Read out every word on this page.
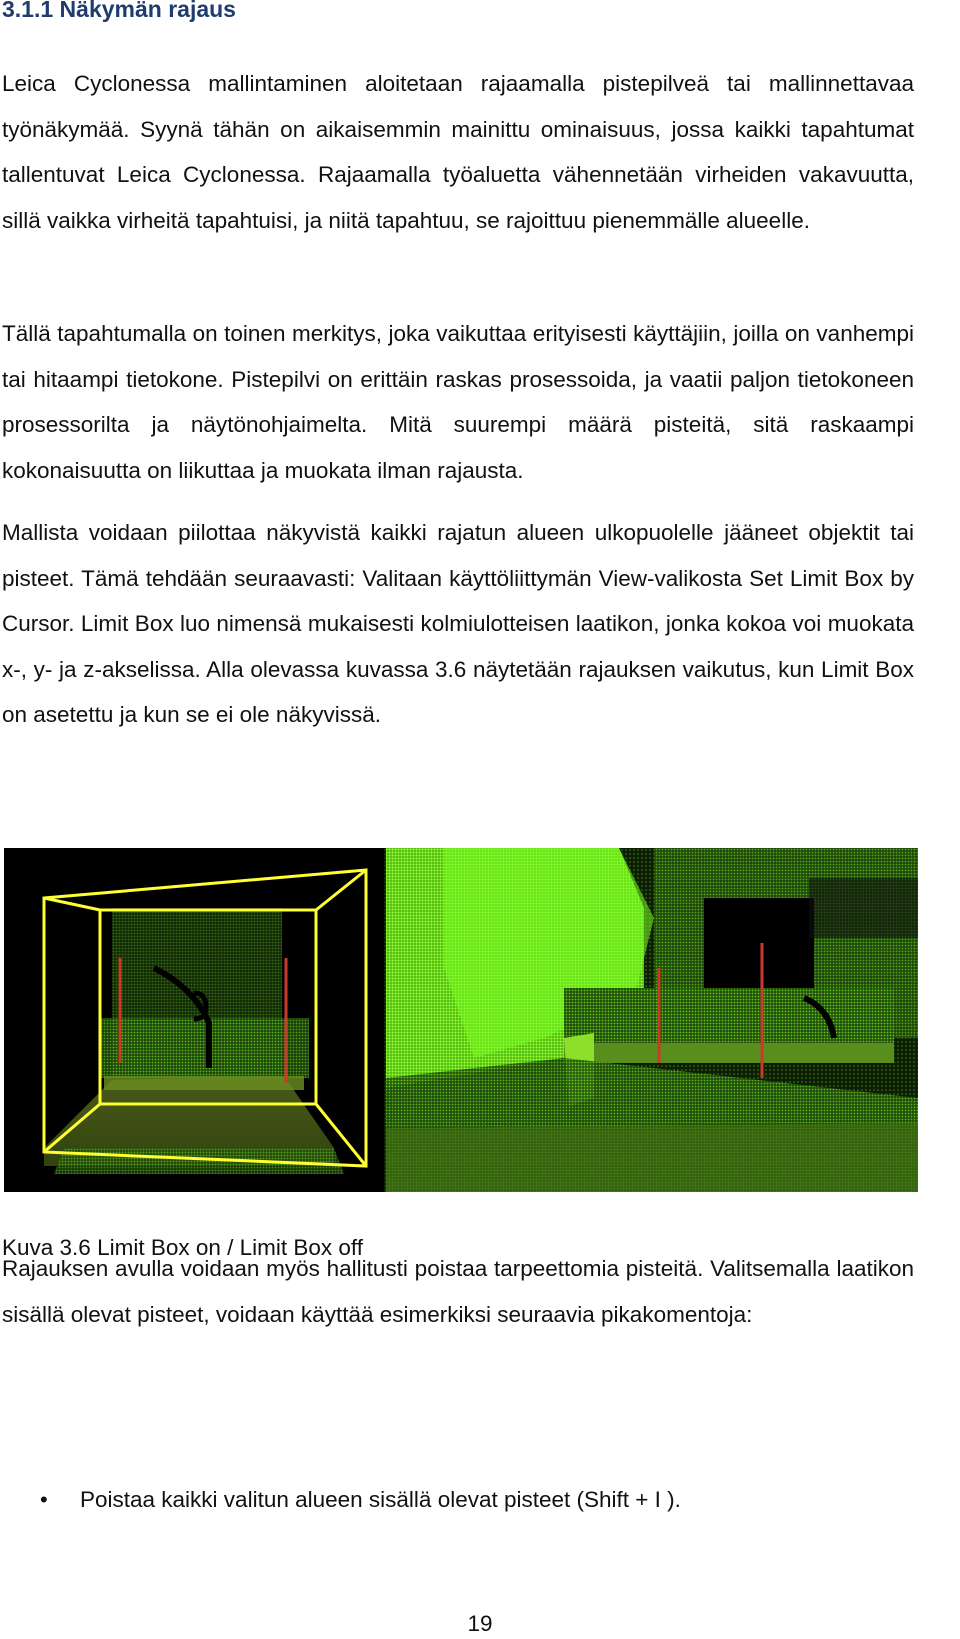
3.1.1 Näkymän rajaus

Leica Cyclonessa mallintaminen aloitetaan rajaamalla pistepilveä tai mallinnettavaa työnäkymää. Syynä tähän on aikaisemmin mainittu ominaisuus, jossa kaikki tapahtumat tallentuvat Leica Cyclonessa. Rajaamalla työaluetta vähennetään virheiden vakavuutta, sillä vaikka virheitä tapahtuisi, ja niitä tapahtuu, se rajoittuu pienemmälle alueelle.

Tällä tapahtumalla on toinen merkitys, joka vaikuttaa erityisesti käyttäjiin, joilla on vanhempi tai hitaampi tietokone. Pistepilvi on erittäin raskas prosessoida, ja vaatii paljon tietokoneen prosessorilta ja näytönohjaimelta. Mitä suurempi määrä pisteitä, sitä raskaampi kokonaisuutta on liikuttaa ja muokata ilman rajausta.

Mallista voidaan piilottaa näkyvistä kaikki rajatun alueen ulkopuolelle jääneet objektit tai pisteet. Tämä tehdään seuraavasti: Valitaan käyttöliittymän View-valikosta Set Limit Box by Cursor. Limit Box luo nimensä mukaisesti kolmiulotteisen laatikon, jonka kokoa voi muokata x-, y- ja z-akselissa. Alla olevassa kuvassa 3.6 näytetään rajauksen vaikutus, kun Limit Box on asetettu ja kun se ei ole näkyvissä.

Kuva 3.6 Limit Box on / Limit Box off

Rajauksen avulla voidaan myös hallitusti poistaa tarpeettomia pisteitä. Valitsemalla laatikon sisällä olevat pisteet, voidaan käyttää esimerkiksi seuraavia pikakomentoja:

• Poistaa kaikki valitun alueen sisällä olevat pisteet (Shift + I ).

19
